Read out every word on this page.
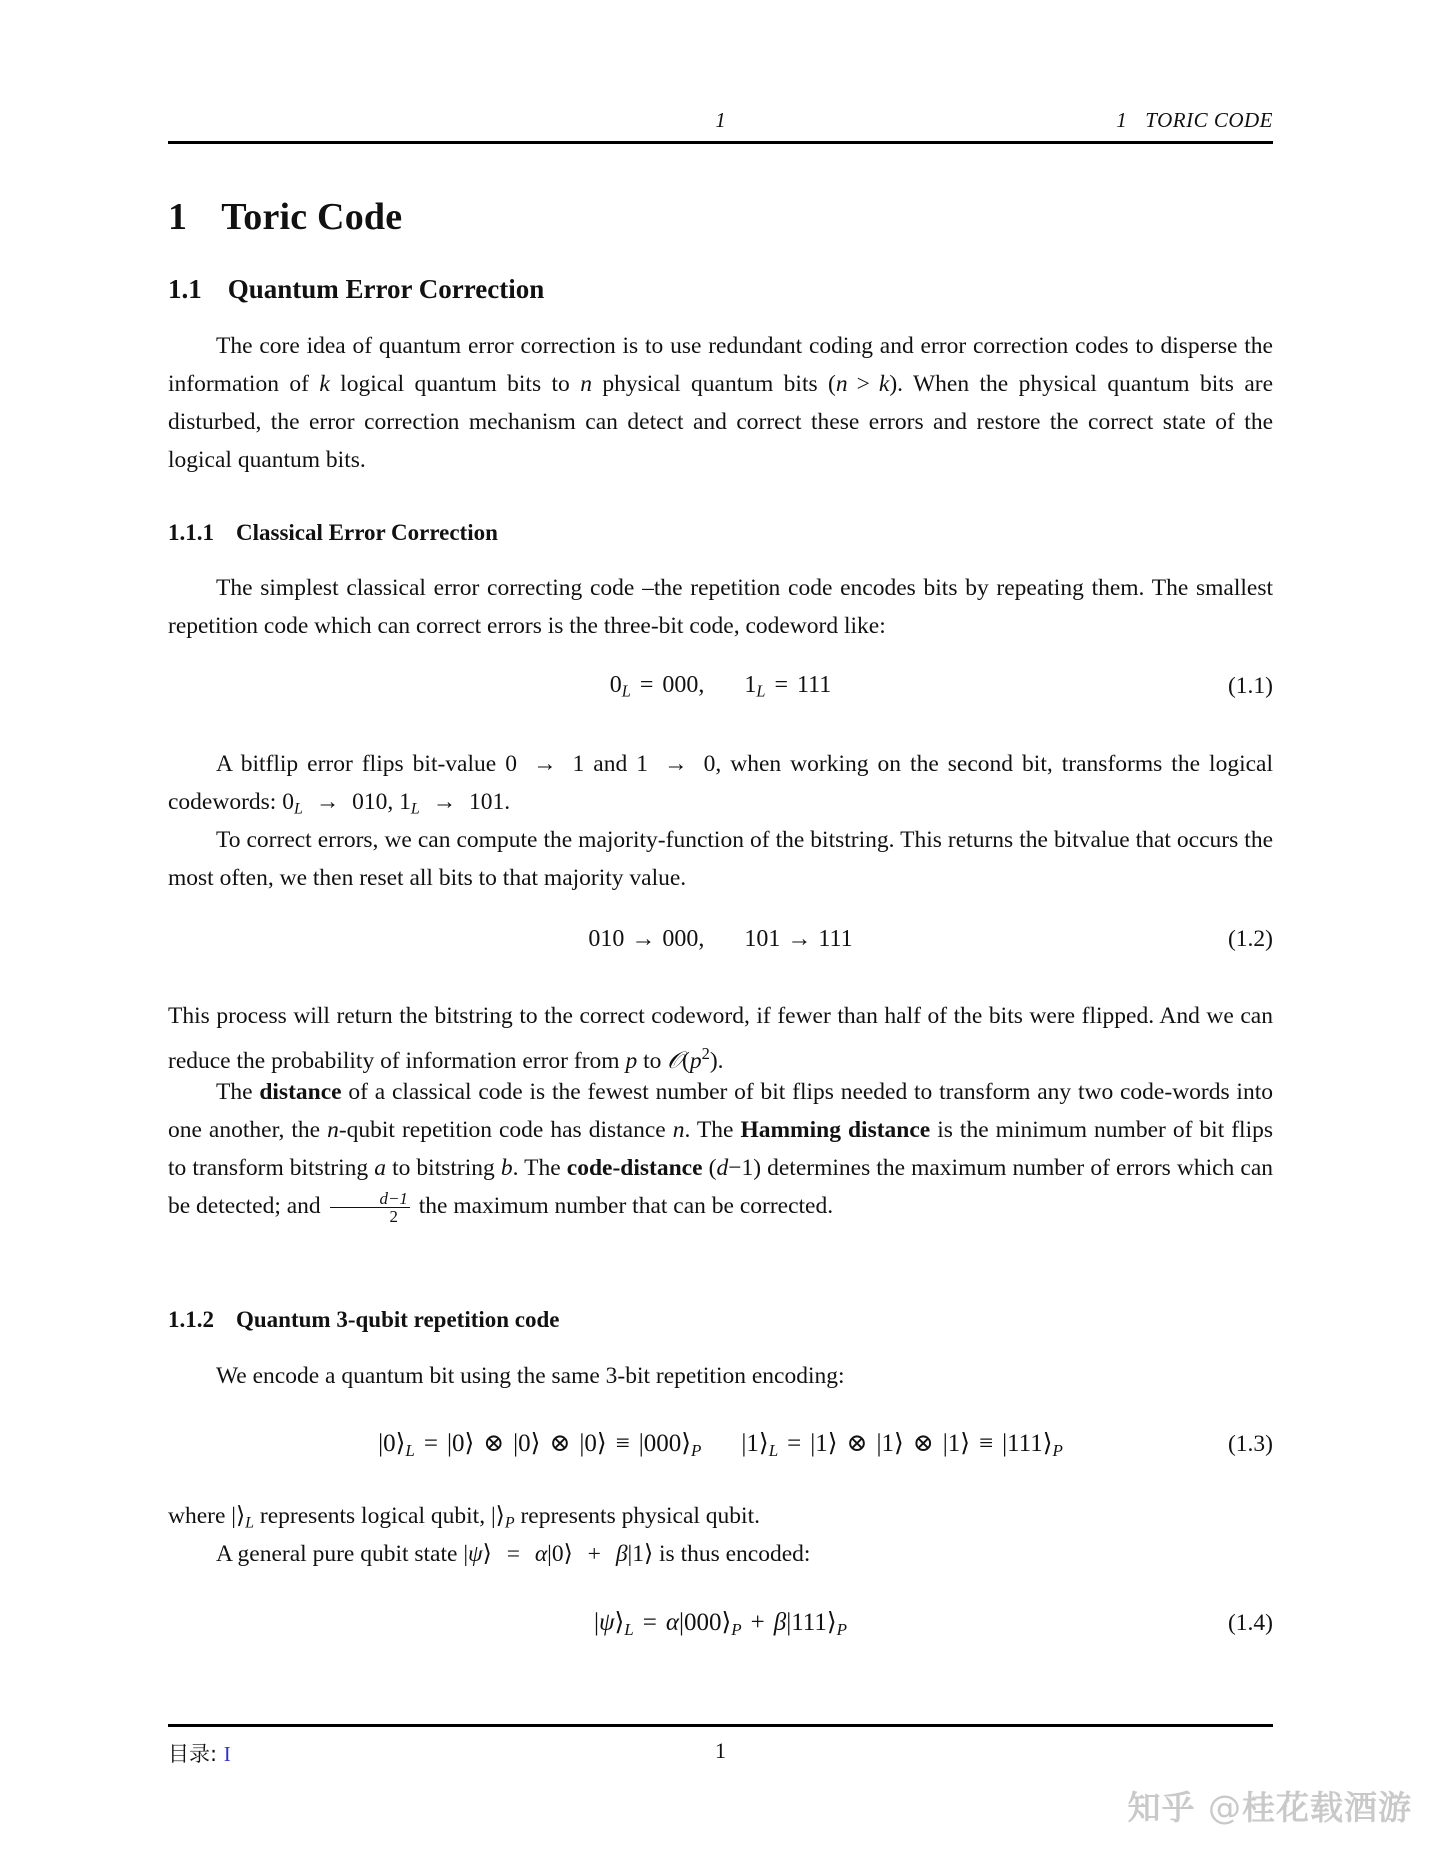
1	1 TORIC CODE
1 Toric Code
1.1 Quantum Error Correction

The core idea of quantum error correction is to use redundant coding and error correction codes to disperse the information of k logical quantum bits to n physical quantum bits (n > k). When the physical quantum bits are disturbed, the error correction mechanism can detect and correct these errors and restore the correct state of the logical quantum bits.

1.1.1 Classical Error Correction

The simplest classical error correcting code –the repetition code encodes bits by repeating them. The smallest repetition code which can correct errors is the three-bit code, codeword like:

$0_L = 000$, $1_L = 111$	(1.1)

A bitflip error flips bit-value 0 → 1 and 1 → 0, when working on the second bit, transforms the logical codewords: $0_L \to 010$, $1_L \to 101$.

To correct errors, we can compute the majority-function of the bitstring. This returns the bitvalue that occurs the most often, we then reset all bits to that majority value.

010 → 000, 101 → 111	(1.2)

This process will return the bitstring to the correct codeword, if fewer than half of the bits were flipped. And we can reduce the probability of information error from p to $𝒪(p^2)$.

The distance of a classical code is the fewest number of bit flips needed to transform any two code-words into one another, the n-qubit repetition code has distance n. The Hamming distance is the minimum number of bit flips to transform bitstring a to bitstring b. The code-distance (d−1) determines the maximum number of errors which can be detected; and $\frac{d-1}{2}$ the maximum number that can be corrected.

1.1.2 Quantum 3-qubit repetition code

We encode a quantum bit using the same 3-bit repetition encoding:

$|0⟩_L$ = |0⟩ ⊗ |0⟩ ⊗ |0⟩ ≡ $|000⟩_P$ $|1⟩_L$ = |1⟩ ⊗ |1⟩ ⊗ |1⟩ ≡ $|111⟩_P$	(1.3)

where $|⟩_L$ represents logical qubit, $|⟩_P$ represents physical qubit.

A general pure qubit state |ψ⟩ = α|0⟩ + β|1⟩ is thus encoded:

$|\psi⟩_L$ = $\alpha|000⟩_P$ + $\beta|111⟩_P$	(1.4)
目录: I	1
知乎 @桂花载酒游
